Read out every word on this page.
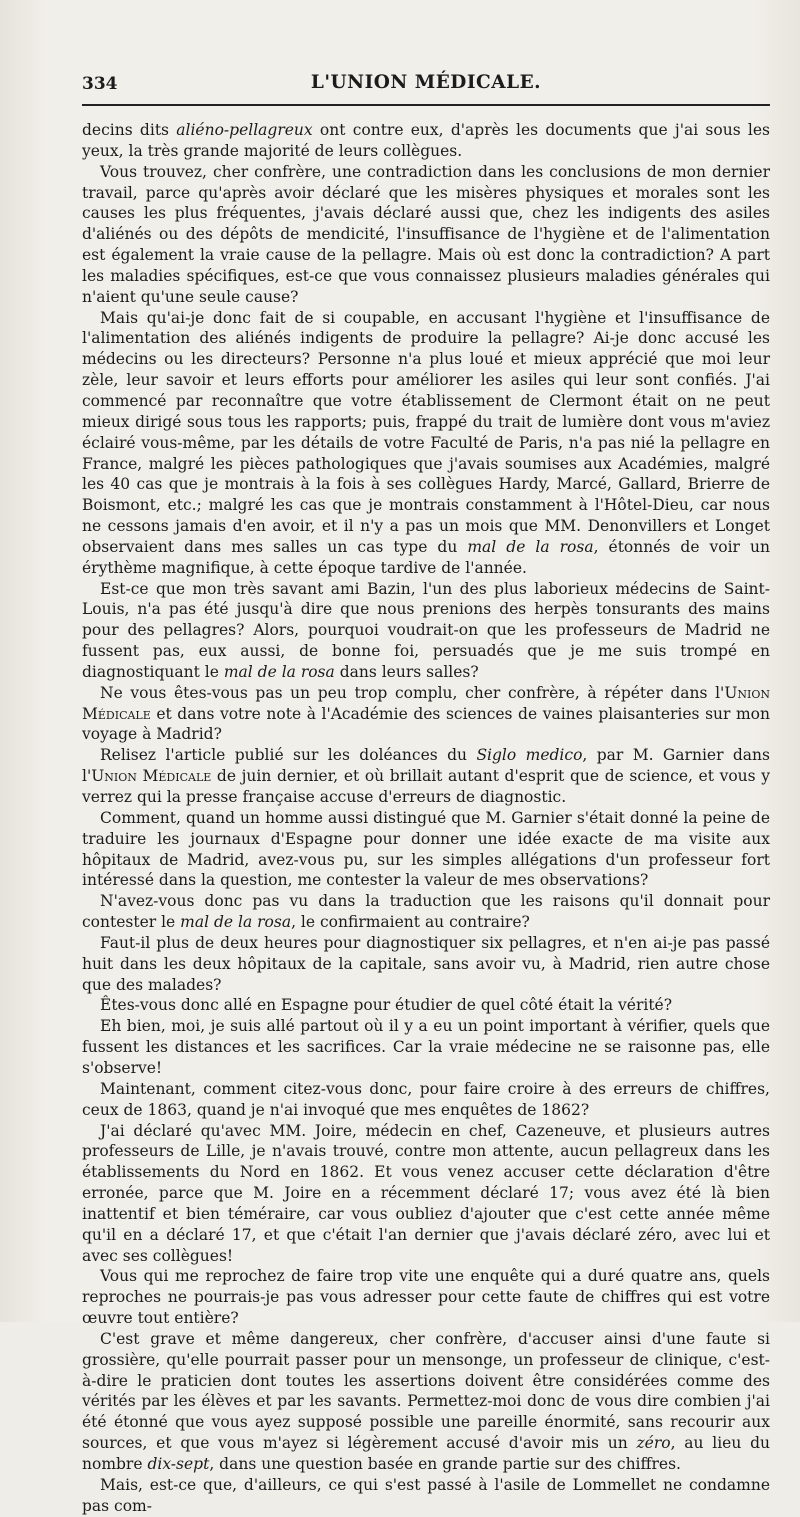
334	L'UNION MÉDICALE.

decins dits aliéno-pellagreux ont contre eux, d'après les documents que j'ai sous les yeux, la très grande majorité de leurs collègues.

Vous trouvez, cher confrère, une contradiction dans les conclusions de mon dernier travail, parce qu'après avoir déclaré que les misères physiques et morales sont les causes les plus fréquentes, j'avais déclaré aussi que, chez les indigents des asiles d'aliénés ou des dépôts de mendicité, l'insuffisance de l'hygiène et de l'alimentation est également la vraie cause de la pellagre. Mais où est donc la contradiction? A part les maladies spécifiques, est-ce que vous connaissez plusieurs maladies générales qui n'aient qu'une seule cause?

Mais qu'ai-je donc fait de si coupable, en accusant l'hygiène et l'insuffisance de l'alimentation des aliénés indigents de produire la pellagre? Ai-je donc accusé les médecins ou les directeurs? Personne n'a plus loué et mieux apprécié que moi leur zèle, leur savoir et leurs efforts pour améliorer les asiles qui leur sont confiés. J'ai commencé par reconnaître que votre établissement de Clermont était on ne peut mieux dirigé sous tous les rapports; puis, frappé du trait de lumière dont vous m'aviez éclairé vous-même, par les détails de votre Faculté de Paris, n'a pas nié la pellagre en France, malgré les pièces pathologiques que j'avais soumises aux Académies, malgré les 40 cas que je montrais à la fois à ses collègues Hardy, Marcé, Gallard, Brierre de Boismont, etc.; malgré les cas que je montrais constamment à l'Hôtel-Dieu, car nous ne cessons jamais d'en avoir, et il n'y a pas un mois que MM. Denonvillers et Longet observaient dans mes salles un cas type du mal de la rosa, étonnés de voir un érythème magnifique, à cette époque tardive de l'année.

Est-ce que mon très savant ami Bazin, l'un des plus laborieux médecins de Saint-Louis, n'a pas été jusqu'à dire que nous prenions des herpès tonsurants des mains pour des pellagres? Alors, pourquoi voudrait-on que les professeurs de Madrid ne fussent pas, eux aussi, de bonne foi, persuadés que je me suis trompé en diagnostiquant le mal de la rosa dans leurs salles?

Ne vous êtes-vous pas un peu trop complu, cher confrère, à répéter dans l'Union Médicale et dans votre note à l'Académie des sciences de vaines plaisanteries sur mon voyage à Madrid?

Relisez l'article publié sur les doléances du Siglo medico, par M. Garnier dans l'Union Médicale de juin dernier, et où brillait autant d'esprit que de science, et vous y verrez qui la presse française accuse d'erreurs de diagnostic.

Comment, quand un homme aussi distingué que M. Garnier s'était donné la peine de traduire les journaux d'Espagne pour donner une idée exacte de ma visite aux hôpitaux de Madrid, avez-vous pu, sur les simples allégations d'un professeur fort intéressé dans la question, me contester la valeur de mes observations?

N'avez-vous donc pas vu dans la traduction que les raisons qu'il donnait pour contester le mal de la rosa, le confirmaient au contraire?

Faut-il plus de deux heures pour diagnostiquer six pellagres, et n'en ai-je pas passé huit dans les deux hôpitaux de la capitale, sans avoir vu, à Madrid, rien autre chose que des malades?

Êtes-vous donc allé en Espagne pour étudier de quel côté était la vérité?

Eh bien, moi, je suis allé partout où il y a eu un point important à vérifier, quels que fussent les distances et les sacrifices. Car la vraie médecine ne se raisonne pas, elle s'observe!

Maintenant, comment citez-vous donc, pour faire croire à des erreurs de chiffres, ceux de 1863, quand je n'ai invoqué que mes enquêtes de 1862?

J'ai déclaré qu'avec MM. Joire, médecin en chef, Cazeneuve, et plusieurs autres professeurs de Lille, je n'avais trouvé, contre mon attente, aucun pellagreux dans les établissements du Nord en 1862. Et vous venez accuser cette déclaration d'être erronée, parce que M. Joire en a récemment déclaré 17; vous avez été là bien inattentif et bien téméraire, car vous oubliez d'ajouter que c'est cette année même qu'il en a déclaré 17, et que c'était l'an dernier que j'avais déclaré zéro, avec lui et avec ses collègues!

Vous qui me reprochez de faire trop vite une enquête qui a duré quatre ans, quels reproches ne pourrais-je pas vous adresser pour cette faute de chiffres qui est votre œuvre tout entière?

C'est grave et même dangereux, cher confrère, d'accuser ainsi d'une faute si grossière, qu'elle pourrait passer pour un mensonge, un professeur de clinique, c'est-à-dire le praticien dont toutes les assertions doivent être considérées comme des vérités par les élèves et par les savants. Permettez-moi donc de vous dire combien j'ai été étonné que vous ayez supposé possible une pareille énormité, sans recourir aux sources, et que vous m'ayez si légèrement accusé d'avoir mis un zéro, au lieu du nombre dix-sept, dans une question basée en grande partie sur des chiffres.

Mais, est-ce que, d'ailleurs, ce qui s'est passé à l'asile de Lommellet ne condamne pas com-
